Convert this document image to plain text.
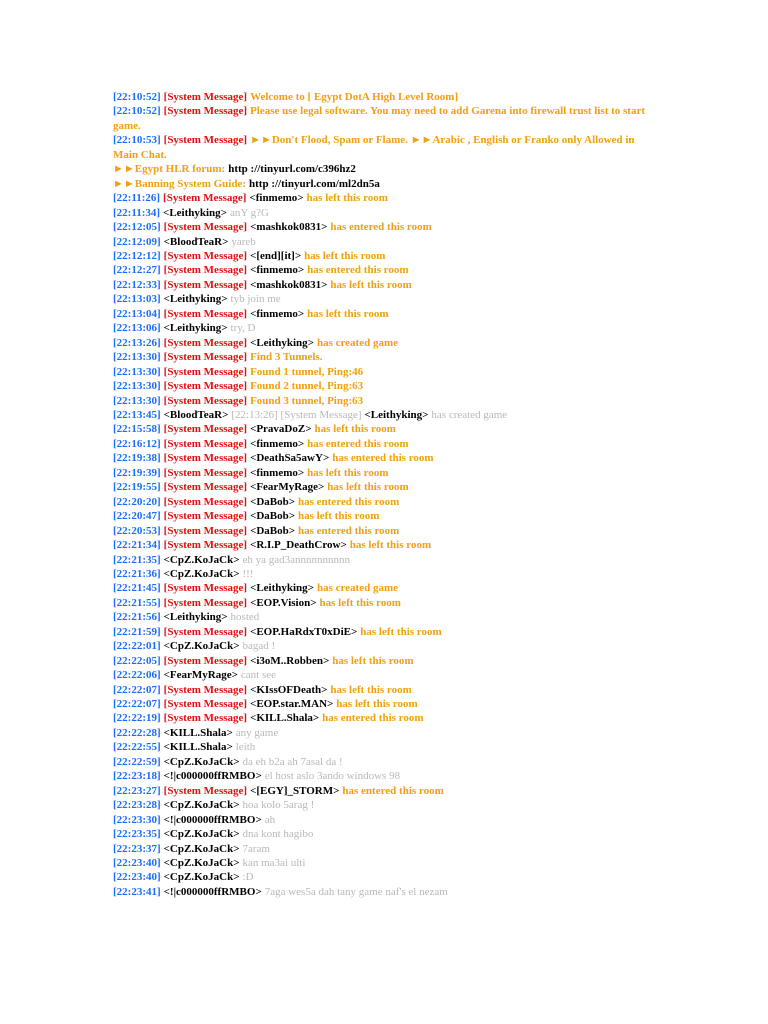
[22:10:52] [System Message] Welcome to [ Egypt DotA High Level Room]
[22:10:52] [System Message] Please use legal software. You may need to add Garena into firewall trust list to start game.
[22:10:53] [System Message] ►►Don't Flood, Spam or Flame. ►►Arabic , English or Franko only Allowed in Main Chat.
►►Egypt HLR forum: http ://tinyurl.com/c396hz2
►►Banning System Guide: http ://tinyurl.com/ml2dn5a
[22:11:26] [System Message] <finmemo> has left this room
[22:11:34] <Leithyking> anY g?G
[22:12:05] [System Message] <mashkok0831> has entered this room
[22:12:09] <BloodTeaR> yareb
[22:12:12] [System Message] <[end][it]> has left this room
[22:12:27] [System Message] <finmemo> has entered this room
[22:12:33] [System Message] <mashkok0831> has left this room
[22:13:03] <Leithyking> tyb join me
[22:13:04] [System Message] <finmemo> has left this room
[22:13:06] <Leithyking> try, D
[22:13:26] [System Message] <Leithyking> has created game
[22:13:30] [System Message] Find 3 Tunnels.
[22:13:30] [System Message] Found 1 tunnel, Ping:46
[22:13:30] [System Message] Found 2 tunnel, Ping:63
[22:13:30] [System Message] Found 3 tunnel, Ping:63
[22:13:45] <BloodTeaR> [22:13:26] [System Message] <Leithyking> has created game
[22:15:58] [System Message] <PravaDoZ> has left this room
[22:16:12] [System Message] <finmemo> has entered this room
[22:19:38] [System Message] <DeathSa5awY> has entered this room
[22:19:39] [System Message] <finmemo> has left this room
[22:19:55] [System Message] <FearMyRage> has left this room
[22:20:20] [System Message] <DaBob> has entered this room
[22:20:47] [System Message] <DaBob> has left this room
[22:20:53] [System Message] <DaBob> has entered this room
[22:21:34] [System Message] <R.I.P_DeathCrow> has left this room
[22:21:35] <CpZ.KoJaCk> eh ya gad3annnnnnnnnn
[22:21:36] <CpZ.KoJaCk> !!!
[22:21:45] [System Message] <Leithyking> has created game
[22:21:55] [System Message] <EOP.Vision> has left this room
[22:21:56] <Leithyking> hosted
[22:21:59] [System Message] <EOP.HaRdxT0xDiE> has left this room
[22:22:01] <CpZ.KoJaCk> bagad !
[22:22:05] [System Message] <i3oM..Robben> has left this room
[22:22:06] <FearMyRage> cant see
[22:22:07] [System Message] <KIssOFDeath> has left this room
[22:22:07] [System Message] <EOP.star.MAN> has left this room
[22:22:19] [System Message] <KILL.Shala> has entered this room
[22:22:28] <KILL.Shala> any game
[22:22:55] <KILL.Shala> leith
[22:22:59] <CpZ.KoJaCk> da eh b2a ah 7asal da !
[22:23:18] <!|c000000ffRMBO> el host aslo 3ando windows 98
[22:23:27] [System Message] <[EGY]_STORM> has entered this room
[22:23:28] <CpZ.KoJaCk> hoa kolo 5arag !
[22:23:30] <!|c000000ffRMBO> ah
[22:23:35] <CpZ.KoJaCk> dna kont hagibo
[22:23:37] <CpZ.KoJaCk> 7aram
[22:23:40] <CpZ.KoJaCk> kan ma3ai ulti
[22:23:40] <CpZ.KoJaCk> :D
[22:23:41] <!|c000000ffRMBO> 7aga wes5a dah tany game naf's el nezam
